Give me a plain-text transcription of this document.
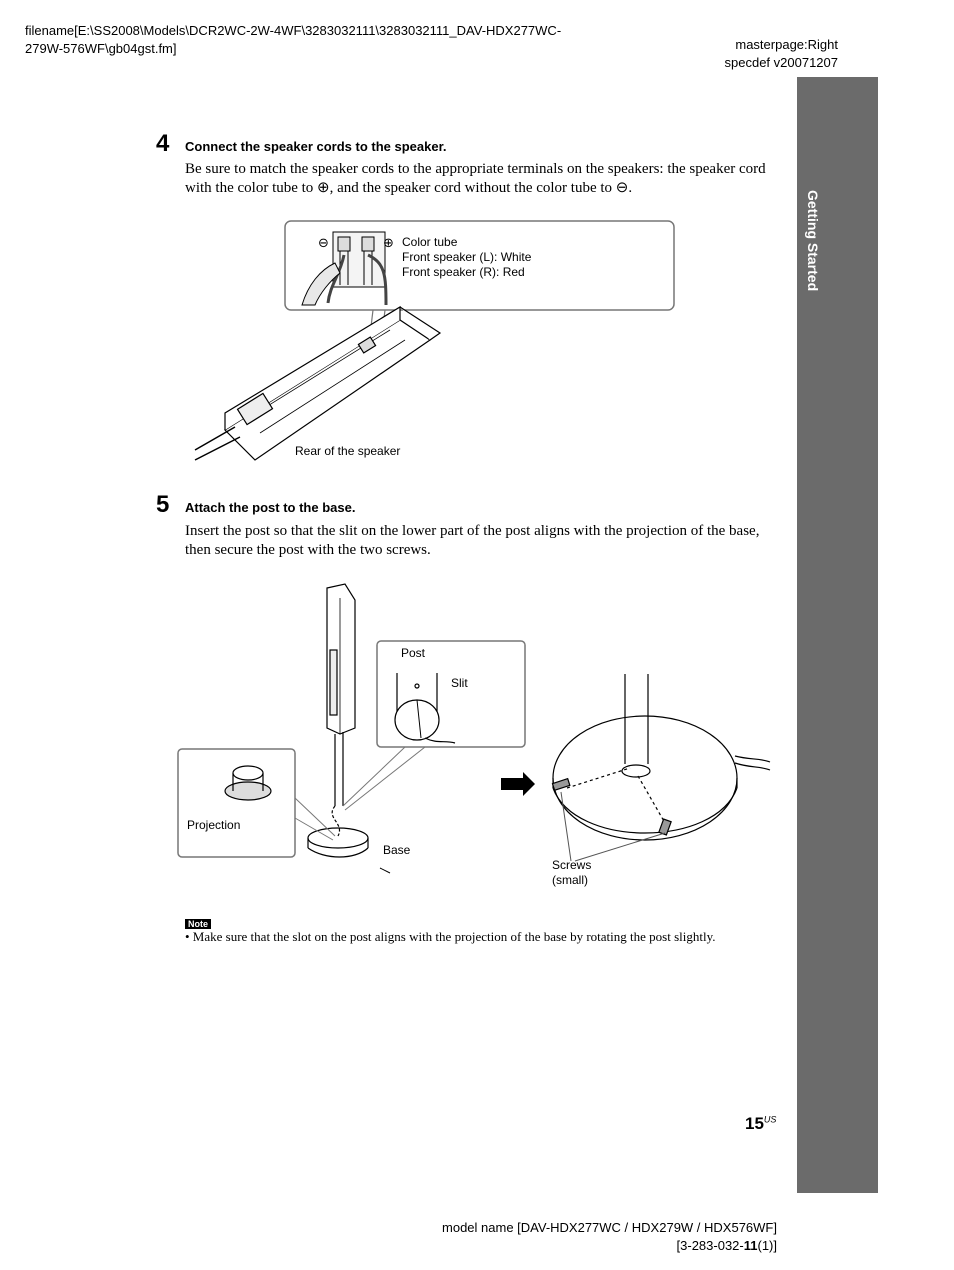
filename[E:\SS2008\Models\DCR2WC-2W-4WF\3283032111\3283032111_DAV-HDX277WC-
279W-576WF\gb04gst.fm]	masterpage:Right
specdef v20071207
Getting Started
4 Connect the speaker cords to the speaker.
Be sure to match the speaker cords to the appropriate terminals on the speakers: the speaker cord
with the color tube to ⊕, and the speaker cord without the color tube to ⊖.
⊖	⊕ Color tube
Front speaker (L): White
Front speaker (R): Red
Rear of the speaker
5 Attach the post to the base.
Insert the post so that the slit on the lower part of the post aligns with the projection of the base,
then secure the post with the two screws.
Post
Slit
Projection
Base
Screws
(small)
Note
• Make sure that the slot on the post aligns with the projection of the base by rotating the post slightly.
$15^{US}$
model name [DAV-HDX277WC / HDX279W / HDX576WF]
[3-283-032-11(1)]
